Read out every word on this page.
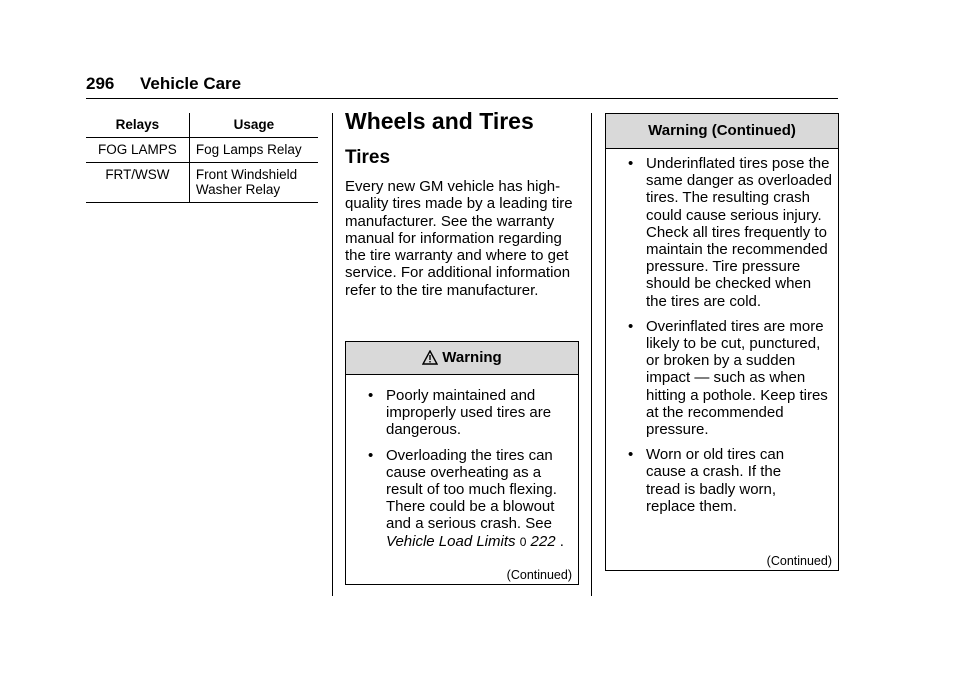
296 Vehicle Care
Relays	Usage
FOG LAMPS	Fog Lamps Relay
FRT/WSW	Front Windshield Washer Relay
Wheels and Tires
Tires

Every new GM vehicle has high-quality tires made by a leading tire manufacturer. See the warranty manual for information regarding the tire warranty and where to get service. For additional information refer to the tire manufacturer.

Warning
• Poorly maintained and improperly used tires are dangerous.
• Overloading the tires can cause overheating as a result of too much flexing. There could be a blowout and a serious crash. See Vehicle Load Limits 0 222 .
(Continued)
Warning (Continued)
• Underinflated tires pose the same danger as overloaded tires. The resulting crash could cause serious injury. Check all tires frequently to maintain the recommended pressure. Tire pressure should be checked when the tires are cold.
• Overinflated tires are more likely to be cut, punctured, or broken by a sudden impact — such as when hitting a pothole. Keep tires at the recommended pressure.
• Worn or old tires can cause a crash. If the tread is badly worn, replace them.
(Continued)
